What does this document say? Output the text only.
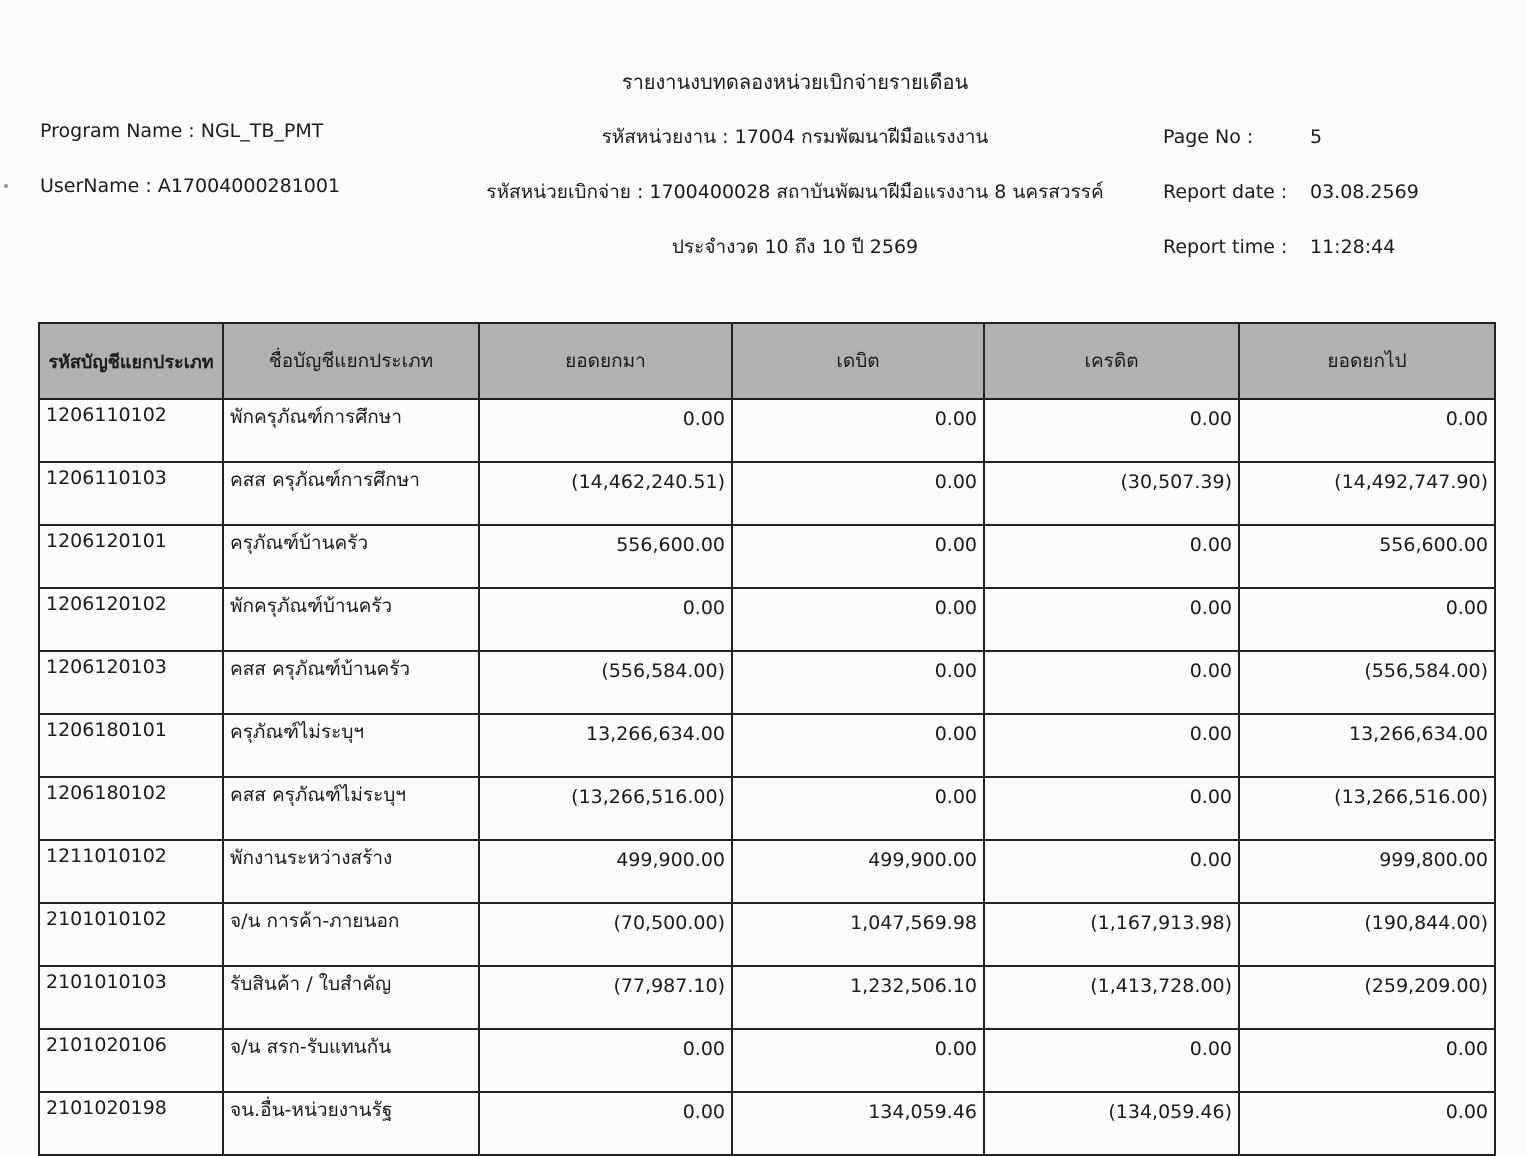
รายงานงบทดลองหน่วยเบิกจ่ายรายเดือน
รหัสหน่วยงาน : 17004 กรมพัฒนาฝีมือแรงงาน
รหัสหน่วยเบิกจ่าย : 1700400028 สถาบันพัฒนาฝีมือแรงงาน 8 นครสวรรค์
ประจำงวด 10 ถึง 10 ปี 2569
Program Name : NGL_TB_PMT
UserName : A17004000281001
Page No :	5
Report date : 03.08.2569
Report time : 11:28:44
รหัสบัญชีแยกประเภท	ชื่อบัญชีแยกประเภท	ยอดยกมา	เดบิต	เครดิต	ยอดยกไป
1206110102	พักครุภัณฑ์การศึกษา	0.00	0.00	0.00	0.00
1206110103	คสส ครุภัณฑ์การศึกษา	(14,462,240.51)	0.00	(30,507.39)	(14,492,747.90)
1206120101	ครุภัณฑ์บ้านครัว	556,600.00	0.00	0.00	556,600.00
1206120102	พักครุภัณฑ์บ้านครัว	0.00	0.00	0.00	0.00
1206120103	คสส ครุภัณฑ์บ้านครัว	(556,584.00)	0.00	0.00	(556,584.00)
1206180101	ครุภัณฑ์ไม่ระบุฯ	13,266,634.00	0.00	0.00	13,266,634.00
1206180102	คสส ครุภัณฑ์ไม่ระบุฯ	(13,266,516.00)	0.00	0.00	(13,266,516.00)
1211010102	พักงานระหว่างสร้าง	499,900.00	499,900.00	0.00	999,800.00
2101010102	จ/น การค้า-ภายนอก	(70,500.00)	1,047,569.98	(1,167,913.98)	(190,844.00)
2101010103	รับสินค้า / ใบสำคัญ	(77,987.10)	1,232,506.10	(1,413,728.00)	(259,209.00)
2101020106	จ/น สรก-รับแทนกัน	0.00	0.00	0.00	0.00
2101020198	จน.อื่น-หน่วยงานรัฐ	0.00	134,059.46	(134,059.46)	0.00
